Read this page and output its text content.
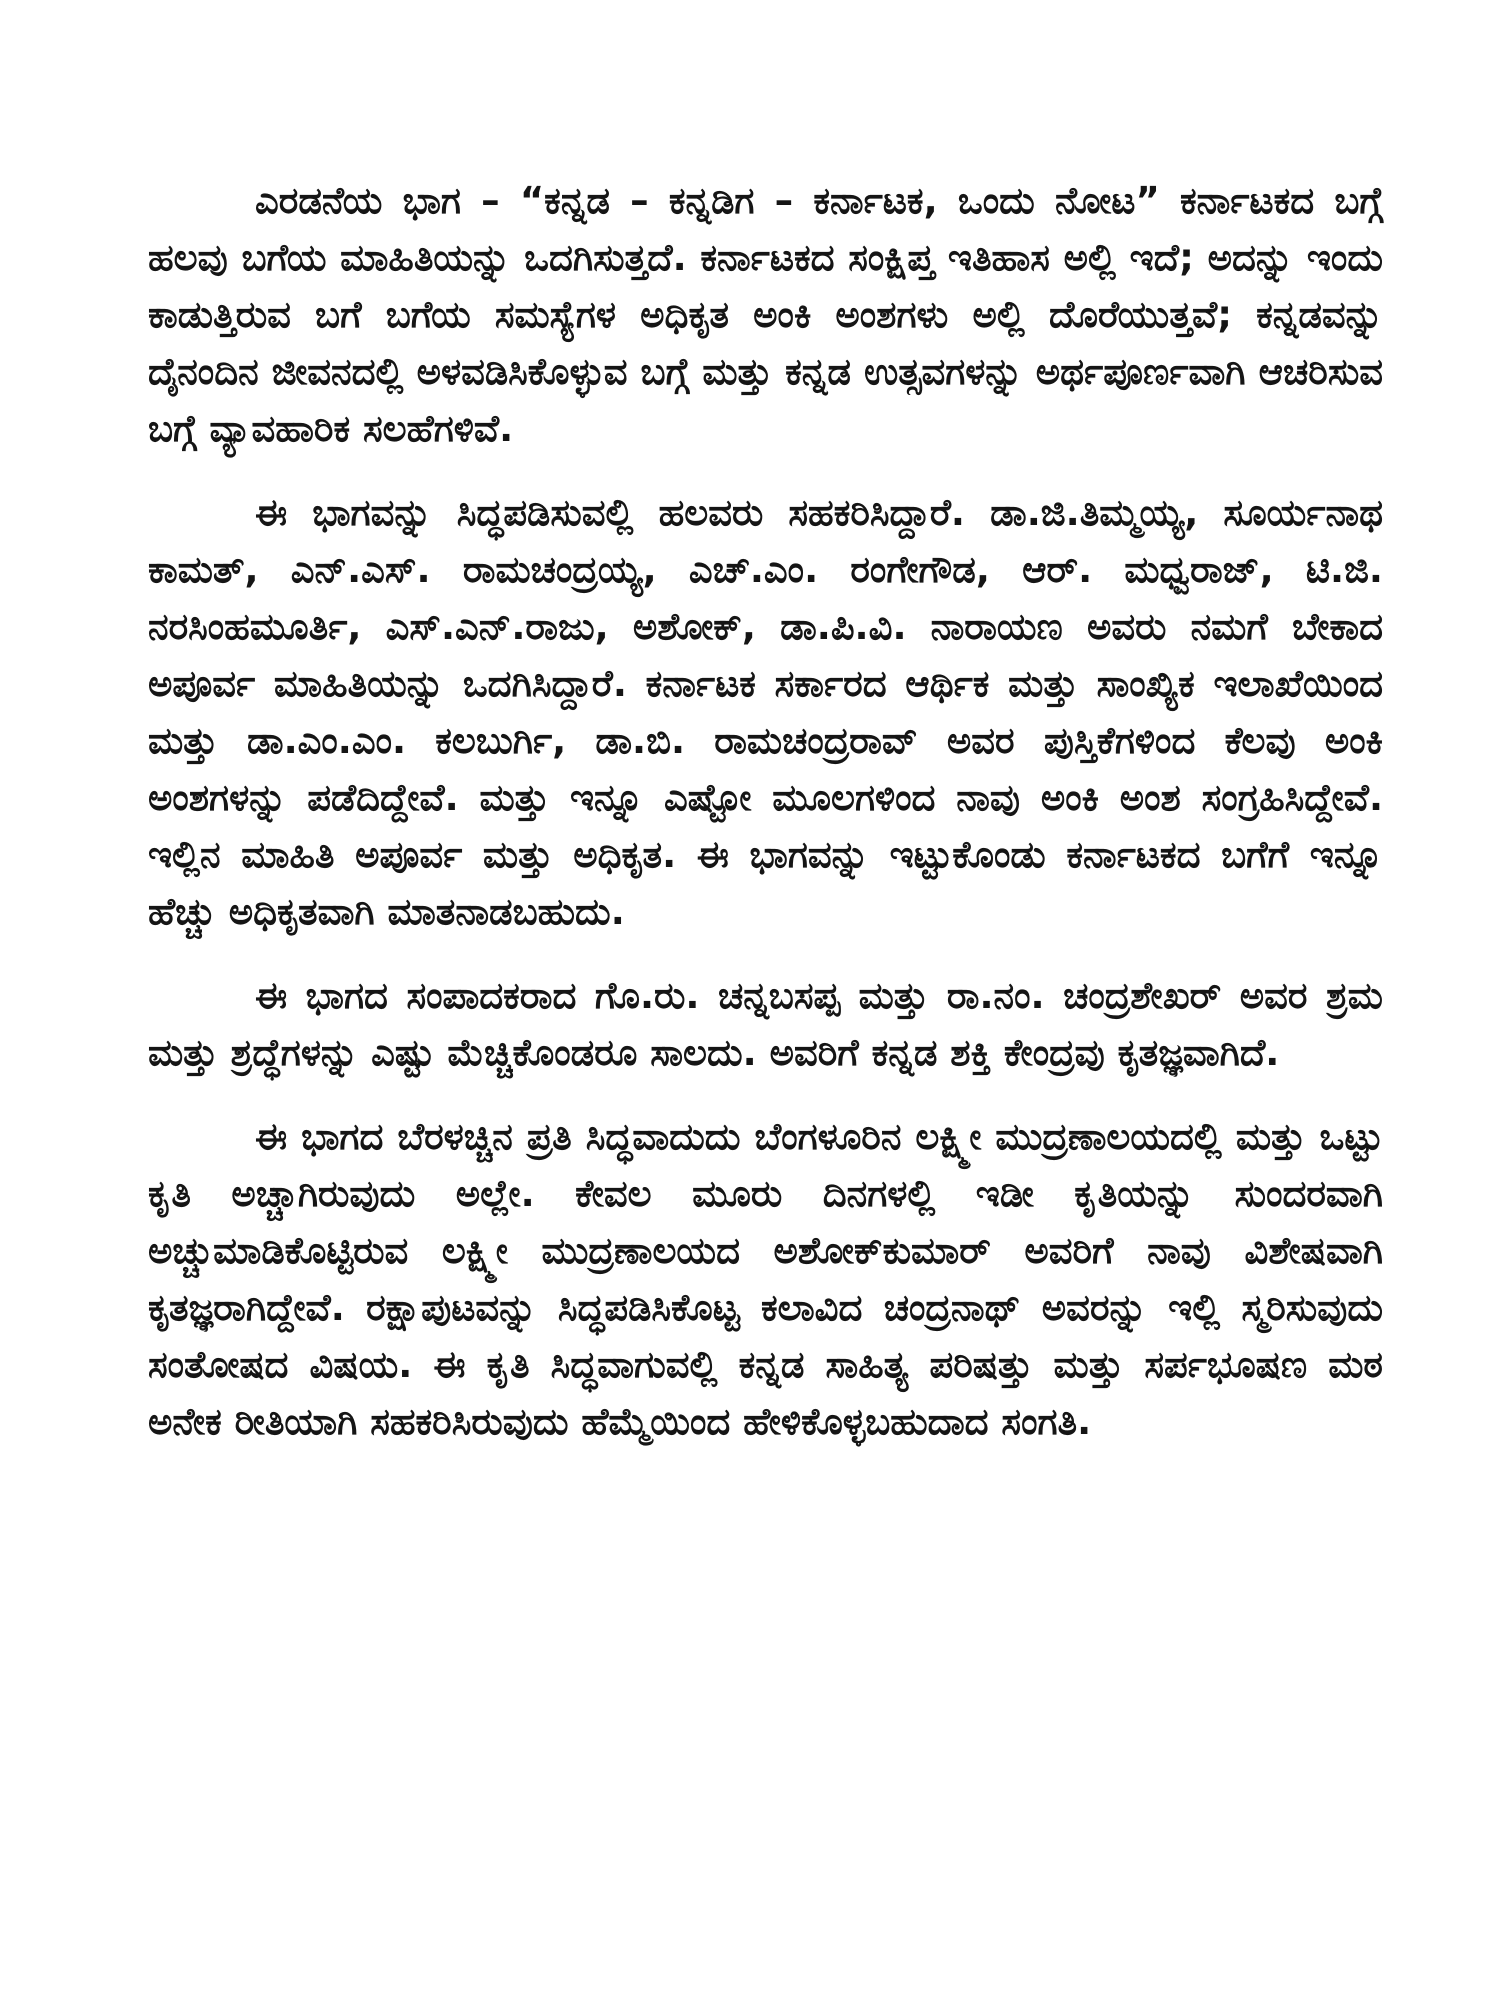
ಎರಡನೆಯ ಭಾಗ – “ಕನ್ನಡ – ಕನ್ನಡಿಗ – ಕರ್ನಾಟಕ, ಒಂದು ನೋಟ” ಕರ್ನಾಟಕದ ಬಗ್ಗೆ ಹಲವು ಬಗೆಯ ಮಾಹಿತಿಯನ್ನು ಒದಗಿಸುತ್ತದೆ. ಕರ್ನಾಟಕದ ಸಂಕ್ಷಿಪ್ತ ಇತಿಹಾಸ ಅಲ್ಲಿ ಇದೆ; ಅದನ್ನು ಇಂದು ಕಾಡುತ್ತಿರುವ ಬಗೆ ಬಗೆಯ ಸಮಸ್ಯೆಗಳ ಅಧಿಕೃತ ಅಂಕಿ ಅಂಶಗಳು ಅಲ್ಲಿ ದೊರೆಯುತ್ತವೆ; ಕನ್ನಡವನ್ನು ದೈನಂದಿನ ಜೀವನದಲ್ಲಿ ಅಳವಡಿಸಿಕೊಳ್ಳುವ ಬಗ್ಗೆ ಮತ್ತು ಕನ್ನಡ ಉತ್ಸವಗಳನ್ನು ಅರ್ಥಪೂರ್ಣವಾಗಿ ಆಚರಿಸುವ ಬಗ್ಗೆ ವ್ಯಾವಹಾರಿಕ ಸಲಹೆಗಳಿವೆ.

ಈ ಭಾಗವನ್ನು ಸಿದ್ಧಪಡಿಸುವಲ್ಲಿ ಹಲವರು ಸಹಕರಿಸಿದ್ದಾರೆ. ಡಾ.ಜಿ.ತಿಮ್ಮಯ್ಯ, ಸೂರ್ಯನಾಥ ಕಾಮತ್, ಎನ್.ಎಸ್. ರಾಮಚಂದ್ರಯ್ಯ, ಎಚ್.ಎಂ. ರಂಗೇಗೌಡ, ಆರ್. ಮಧ್ವರಾಜ್, ಟಿ.ಜಿ. ನರಸಿಂಹಮೂರ್ತಿ, ಎಸ್.ಎನ್.ರಾಜು, ಅಶೋಕ್, ಡಾ.ಪಿ.ವಿ. ನಾರಾಯಣ ಅವರು ನಮಗೆ ಬೇಕಾದ ಅಪೂರ್ವ ಮಾಹಿತಿಯನ್ನು ಒದಗಿಸಿದ್ದಾರೆ. ಕರ್ನಾಟಕ ಸರ್ಕಾರದ ಆರ್ಥಿಕ ಮತ್ತು ಸಾಂಖ್ಯಿಕ ಇಲಾಖೆಯಿಂದ ಮತ್ತು ಡಾ.ಎಂ.ಎಂ. ಕಲಬುರ್ಗಿ, ಡಾ.ಬಿ. ರಾಮಚಂದ್ರರಾವ್ ಅವರ ಪುಸ್ತಿಕೆಗಳಿಂದ ಕೆಲವು ಅಂಕಿ ಅಂಶಗಳನ್ನು ಪಡೆದಿದ್ದೇವೆ. ಮತ್ತು ಇನ್ನೂ ಎಷ್ಟೋ ಮೂಲಗಳಿಂದ ನಾವು ಅಂಕಿ ಅಂಶ ಸಂಗ್ರಹಿಸಿದ್ದೇವೆ. ಇಲ್ಲಿನ ಮಾಹಿತಿ ಅಪೂರ್ವ ಮತ್ತು ಅಧಿಕೃತ. ಈ ಭಾಗವನ್ನು ಇಟ್ಟುಕೊಂಡು ಕರ್ನಾಟಕದ ಬಗೆಗೆ ಇನ್ನೂ ಹೆಚ್ಚು ಅಧಿಕೃತವಾಗಿ ಮಾತನಾಡಬಹುದು.

ಈ ಭಾಗದ ಸಂಪಾದಕರಾದ ಗೊ.ರು. ಚನ್ನಬಸಪ್ಪ ಮತ್ತು ರಾ.ನಂ. ಚಂದ್ರಶೇಖರ್ ಅವರ ಶ್ರಮ ಮತ್ತು ಶ್ರದ್ಧೆಗಳನ್ನು ಎಷ್ಟು ಮೆಚ್ಚಿಕೊಂಡರೂ ಸಾಲದು. ಅವರಿಗೆ ಕನ್ನಡ ಶಕ್ತಿ ಕೇಂದ್ರವು ಕೃತಜ್ಞವಾಗಿದೆ.

ಈ ಭಾಗದ ಬೆರಳಚ್ಚಿನ ಪ್ರತಿ ಸಿದ್ಧವಾದುದು ಬೆಂಗಳೂರಿನ ಲಕ್ಷ್ಮೀ ಮುದ್ರಣಾಲಯದಲ್ಲಿ ಮತ್ತು ಒಟ್ಟು ಕೃತಿ ಅಚ್ಚಾಗಿರುವುದು ಅಲ್ಲೇ. ಕೇವಲ ಮೂರು ದಿನಗಳಲ್ಲಿ ಇಡೀ ಕೃತಿಯನ್ನು ಸುಂದರವಾಗಿ ಅಚ್ಚುಮಾಡಿಕೊಟ್ಟಿರುವ ಲಕ್ಷ್ಮೀ ಮುದ್ರಣಾಲಯದ ಅಶೋಕ್‌ಕುಮಾರ್ ಅವರಿಗೆ ನಾವು ವಿಶೇಷವಾಗಿ ಕೃತಜ್ಞರಾಗಿದ್ದೇವೆ. ರಕ್ಷಾಪುಟವನ್ನು ಸಿದ್ಧಪಡಿಸಿಕೊಟ್ಟ ಕಲಾವಿದ ಚಂದ್ರನಾಥ್ ಅವರನ್ನು ಇಲ್ಲಿ ಸ್ಮರಿಸುವುದು ಸಂತೋಷದ ವಿಷಯ. ಈ ಕೃತಿ ಸಿದ್ಧವಾಗುವಲ್ಲಿ ಕನ್ನಡ ಸಾಹಿತ್ಯ ಪರಿಷತ್ತು ಮತ್ತು ಸರ್ಪಭೂಷಣ ಮಠ ಅನೇಕ ರೀತಿಯಾಗಿ ಸಹಕರಿಸಿರುವುದು ಹೆಮ್ಮೆಯಿಂದ ಹೇಳಿಕೊಳ್ಳಬಹುದಾದ ಸಂಗತಿ.
